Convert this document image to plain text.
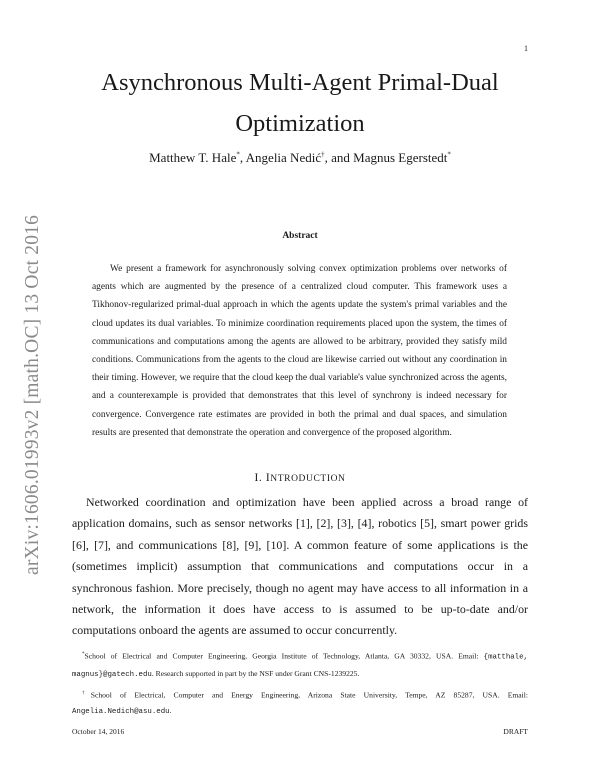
1
arXiv:1606.01993v2 [math.OC] 13 Oct 2016
Asynchronous Multi-Agent Primal-Dual Optimization
Matthew T. Hale*, Angelia Nedić†, and Magnus Egerstedt*
Abstract

We present a framework for asynchronously solving convex optimization problems over networks of agents which are augmented by the presence of a centralized cloud computer. This framework uses a Tikhonov-regularized primal-dual approach in which the agents update the system's primal variables and the cloud updates its dual variables. To minimize coordination requirements placed upon the system, the times of communications and computations among the agents are allowed to be arbitrary, provided they satisfy mild conditions. Communications from the agents to the cloud are likewise carried out without any coordination in their timing. However, we require that the cloud keep the dual variable's value synchronized across the agents, and a counterexample is provided that demonstrates that this level of synchrony is indeed necessary for convergence. Convergence rate estimates are provided in both the primal and dual spaces, and simulation results are presented that demonstrate the operation and convergence of the proposed algorithm.

I. INTRODUCTION

Networked coordination and optimization have been applied across a broad range of application domains, such as sensor networks [1], [2], [3], [4], robotics [5], smart power grids [6], [7], and communications [8], [9], [10]. A common feature of some applications is the (sometimes implicit) assumption that communications and computations occur in a synchronous fashion. More precisely, though no agent may have access to all information in a network, the information it does have access to is assumed to be up-to-date and/or computations onboard the agents are assumed to occur concurrently.

*School of Electrical and Computer Engineering, Georgia Institute of Technology, Atlanta, GA 30332, USA. Email: {matthale, magnus}@gatech.edu. Research supported in part by the NSF under Grant CNS-1239225.

†School of Electrical, Computer and Energy Engineering, Arizona State University, Tempe, AZ 85287, USA. Email: Angelia.Nedich@asu.edu.

October 14, 2016	DRAFT
